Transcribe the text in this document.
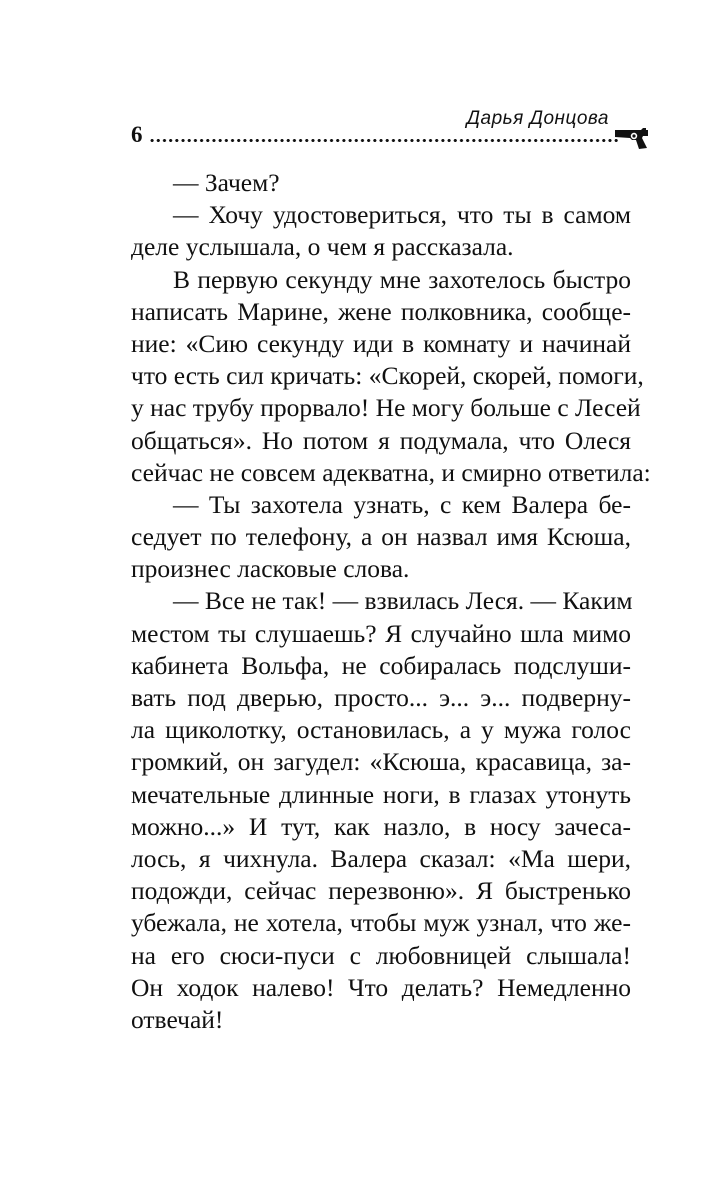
6
Дарья Донцова
— Зачем?
— Хочу удостовериться, что ты в самом
деле услышала, о чем я рассказала.
В первую секунду мне захотелось быстро
написать Марине, жене полковника, сообще-
ние: «Сию секунду иди в комнату и начинай
что есть сил кричать: «Скорей, скорей, помоги,
у нас трубу прорвало! Не могу больше с Лесей
общаться». Но потом я подумала, что Олеся
сейчас не совсем адекватна, и смирно ответила:
— Ты захотела узнать, с кем Валера бе-
седует по телефону, а он назвал имя Ксюша,
произнес ласковые слова.
— Все не так! — взвилась Леся. — Каким
местом ты слушаешь? Я случайно шла мимо
кабинета Вольфа, не собиралась подслуши-
вать под дверью, просто... э... э... подверну-
ла щиколотку, остановилась, а у мужа голос
громкий, он загудел: «Ксюша, красавица, за-
мечательные длинные ноги, в глазах утонуть
можно...» И тут, как назло, в носу зачеса-
лось, я чихнула. Валера сказал: «Ма шери,
подожди, сейчас перезвоню». Я быстренько
убежала, не хотела, чтобы муж узнал, что же-
на его сюси-пуси с любовницей слышала!
Он ходок налево! Что делать? Немедленно
отвечай!
